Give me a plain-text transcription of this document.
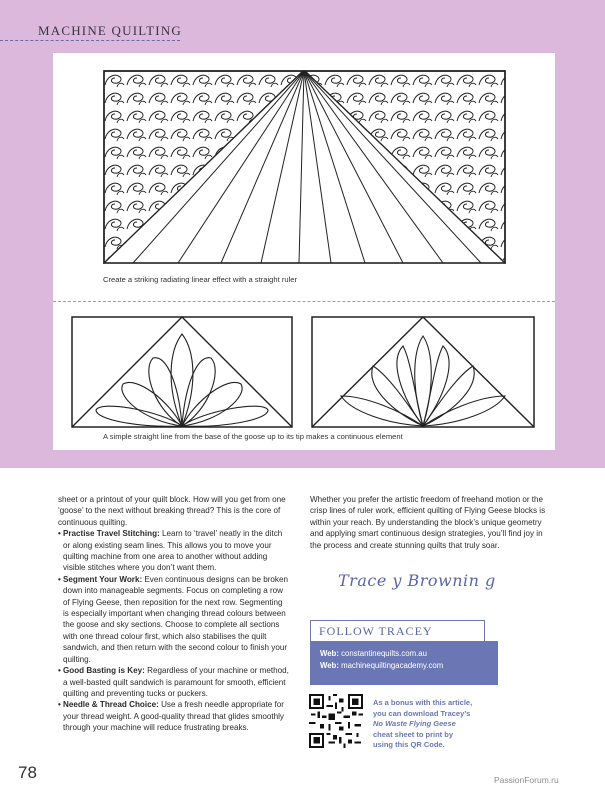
MACHINE QUILTING
Create a striking radiating linear effect with a straight ruler
A simple straight line from the base of the goose up to its tip makes a continuous element

sheet or a printout of your quilt block. How will you get from one ‘goose’ to the next without breaking thread? This is the core of continuous quilting.

• Practise Travel Stitching: Learn to ‘travel’ neatly in the ditch or along existing seam lines. This allows you to move your quilting machine from one area to another without adding visible stitches where you don’t want them.
• Segment Your Work: Even continuous designs can be broken down into manageable segments. Focus on completing a row of Flying Geese, then reposition for the next row. Segmenting is especially important when changing thread colours between the goose and sky sections. Choose to complete all sections with one thread colour first, which also stabilises the quilt sandwich, and then return with the second colour to finish your quilting.
• Good Basting is Key: Regardless of your machine or method, a well-basted quilt sandwich is paramount for smooth, efficient quilting and preventing tucks or puckers.
• Needle & Thread Choice: Use a fresh needle appropriate for your thread weight. A good-quality thread that glides smoothly through your machine will reduce frustrating breaks.

Whether you prefer the artistic freedom of freehand motion or the crisp lines of ruler work, efficient quilting of Flying Geese blocks is within your reach. By understanding the block’s unique geometry and applying smart continuous design strategies, you’ll find joy in the process and create stunning quilts that truly soar.

Trace y Brownin g
FOLLOW TRACEY
Web: constantinequilts.com.au
Web: machinequiltingacademy.com
As a bonus with this article,
you can download Tracey’s
No Waste Flying Geese
cheat sheet to print by
using this QR Code.
78	PassionForum.ru
